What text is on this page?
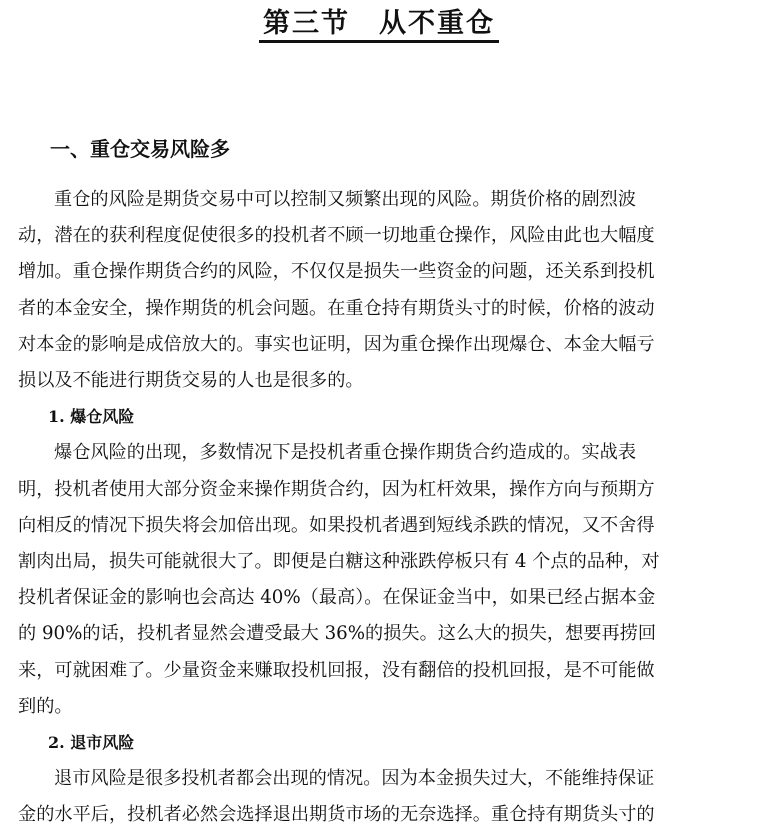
第三节　从不重仓
一、重仓交易风险多
重仓的风险是期货交易中可以控制又频繁出现的风险。期货价格的剧烈波
动，潜在的获利程度促使很多的投机者不顾一切地重仓操作，风险由此也大幅度
增加。重仓操作期货合约的风险，不仅仅是损失一些资金的问题，还关系到投机
者的本金安全，操作期货的机会问题。在重仓持有期货头寸的时候，价格的波动
对本金的影响是成倍放大的。事实也证明，因为重仓操作出现爆仓、本金大幅亏
损以及不能进行期货交易的人也是很多的。
1. 爆仓风险
爆仓风险的出现，多数情况下是投机者重仓操作期货合约造成的。实战表
明，投机者使用大部分资金来操作期货合约，因为杠杆效果，操作方向与预期方
向相反的情况下损失将会加倍出现。如果投机者遇到短线杀跌的情况，又不舍得
割肉出局，损失可能就很大了。即便是白糖这种涨跌停板只有 4 个点的品种，对
投机者保证金的影响也会高达 40%（最高）。在保证金当中，如果已经占据本金
的 90%的话，投机者显然会遭受最大 36%的损失。这么大的损失，想要再捞回
来，可就困难了。少量资金来赚取投机回报，没有翻倍的投机回报，是不可能做
到的。
2. 退市风险
退市风险是很多投机者都会出现的情况。因为本金损失过大，不能维持保证
金的水平后，投机者必然会选择退出期货市场的无奈选择。重仓持有期货头寸的
